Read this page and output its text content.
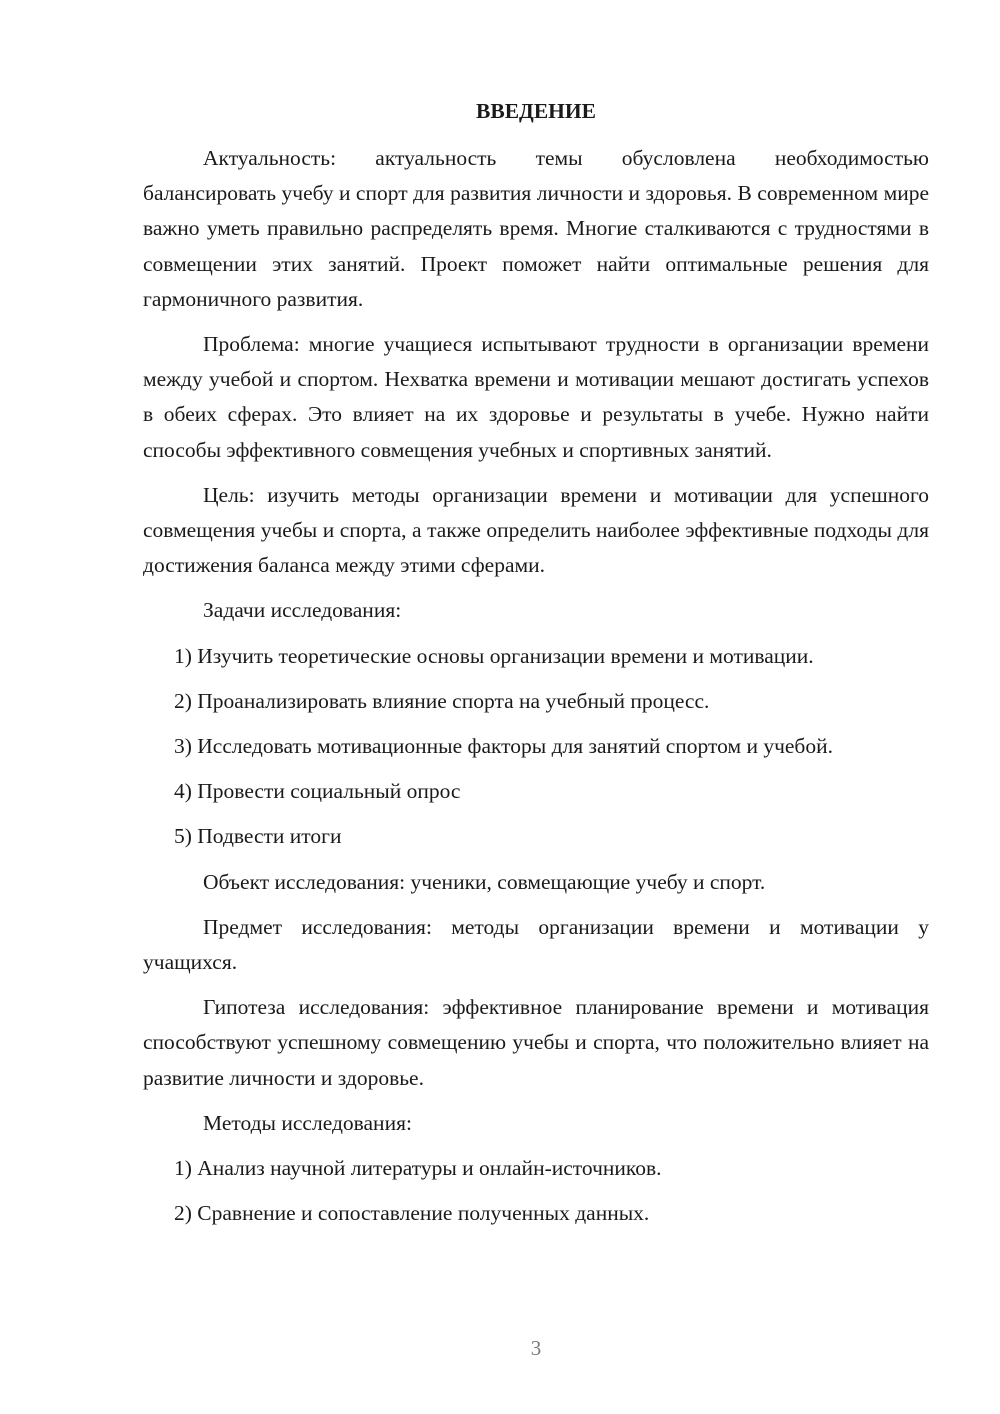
ВВЕДЕНИЕ

Актуальность: актуальность темы обусловлена необходимостью балансировать учебу и спорт для развития личности и здоровья. В современном мире важно уметь правильно распределять время. Многие сталкиваются с трудностями в совмещении этих занятий. Проект поможет найти оптимальные решения для гармоничного развития.

Проблема: многие учащиеся испытывают трудности в организации времени между учебой и спортом. Нехватка времени и мотивации мешают достигать успехов в обеих сферах. Это влияет на их здоровье и результаты в учебе. Нужно найти способы эффективного совмещения учебных и спортивных занятий.

Цель: изучить методы организации времени и мотивации для успешного совмещения учебы и спорта, а также определить наиболее эффективные подходы для достижения баланса между этими сферами.

Задачи исследования:

1) Изучить теоретические основы организации времени и мотивации.

2) Проанализировать влияние спорта на учебный процесс.

3) Исследовать мотивационные факторы для занятий спортом и учебой.

4) Провести социальный опрос

5) Подвести итоги

Объект исследования: ученики, совмещающие учебу и спорт.

Предмет исследования: методы организации времени и мотивации у учащихся.

Гипотеза исследования: эффективное планирование времени и мотивация способствуют успешному совмещению учебы и спорта, что положительно влияет на развитие личности и здоровье.

Методы исследования:

1) Анализ научной литературы и онлайн-источников.

2) Сравнение и сопоставление полученных данных.

3
